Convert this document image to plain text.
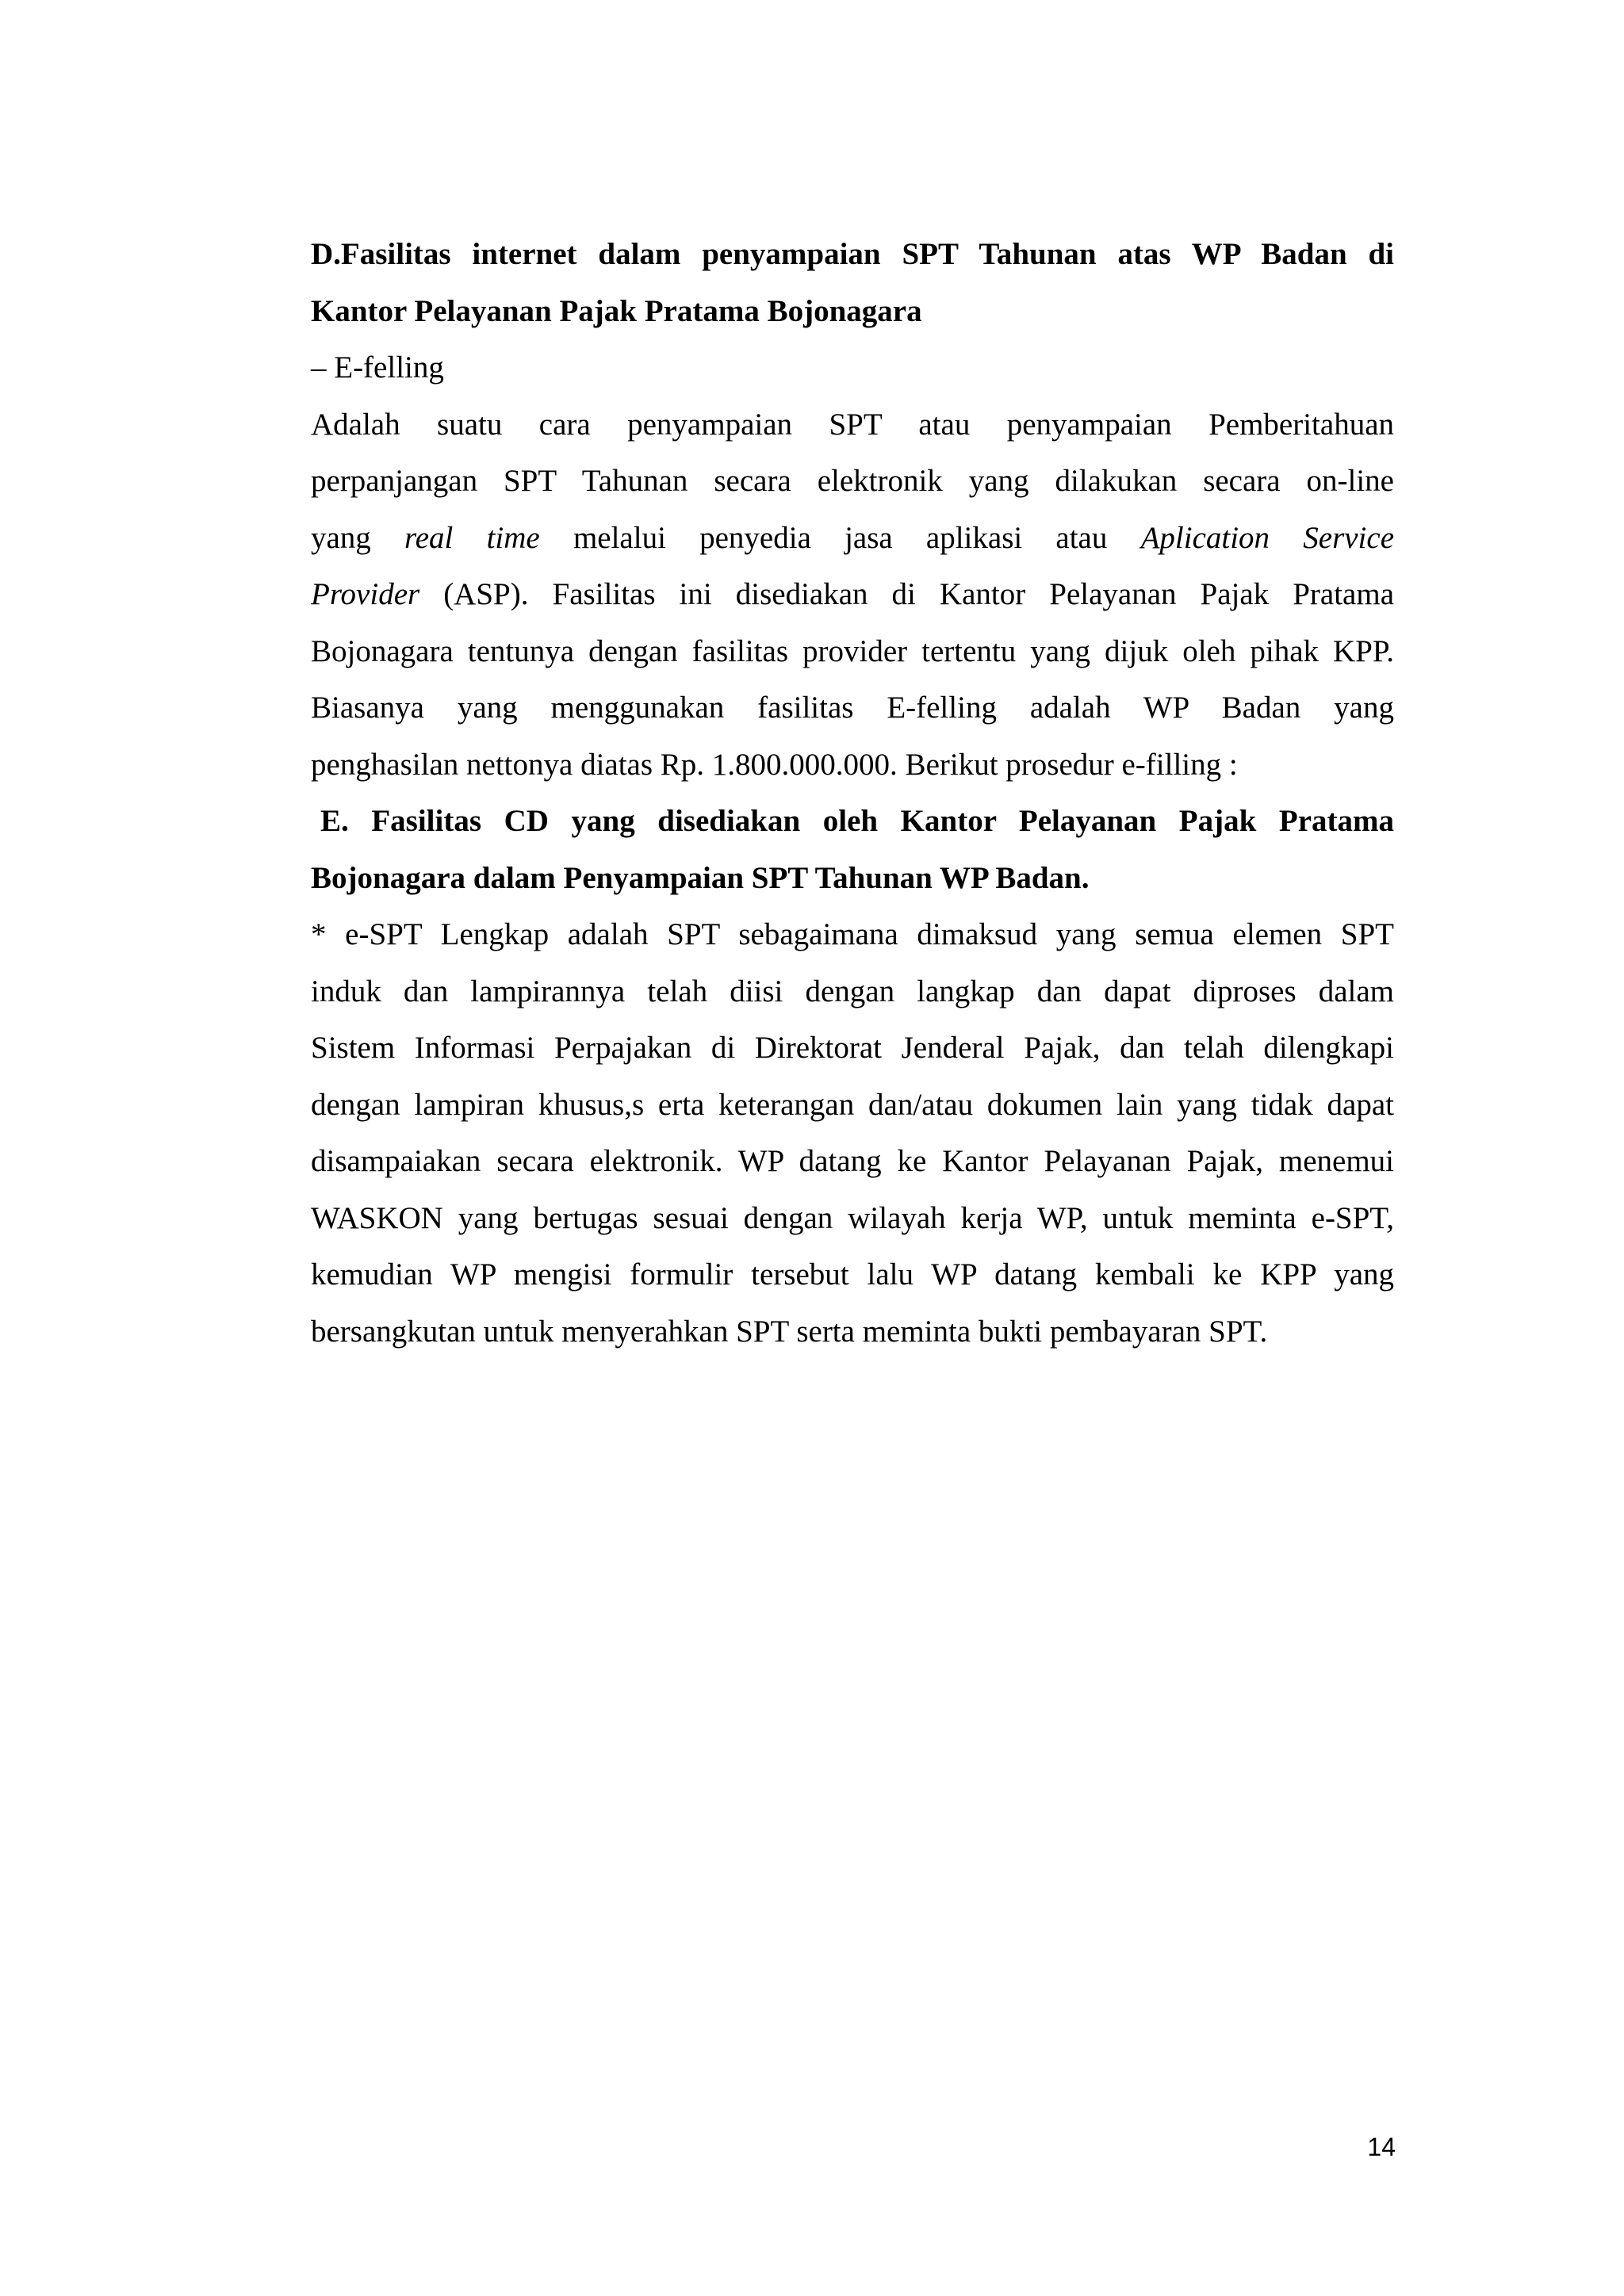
D.Fasilitas internet dalam penyampaian SPT Tahunan atas WP Badan di
Kantor Pelayanan Pajak Pratama Bojonagara

– E-felling

Adalah suatu cara penyampaian SPT atau penyampaian Pemberitahuan
perpanjangan SPT Tahunan secara elektronik yang dilakukan secara on-line
yang real time melalui penyedia jasa aplikasi atau Aplication Service
Provider (ASP). Fasilitas ini disediakan di Kantor Pelayanan Pajak Pratama
Bojonagara tentunya dengan fasilitas provider tertentu yang dijuk oleh pihak KPP.
Biasanya yang menggunakan fasilitas E-felling adalah WP Badan yang
penghasilan nettonya diatas Rp. 1.800.000.000. Berikut prosedur e-filling :

E. Fasilitas CD yang disediakan oleh Kantor Pelayanan Pajak Pratama

Bojonagara dalam Penyampaian SPT Tahunan WP Badan.

* e-SPT Lengkap adalah SPT sebagaimana dimaksud yang semua elemen SPT
induk dan lampirannya telah diisi dengan langkap dan dapat diproses dalam
Sistem Informasi Perpajakan di Direktorat Jenderal Pajak, dan telah dilengkapi
dengan lampiran khusus,s erta keterangan dan/atau dokumen lain yang tidak dapat
disampaiakan secara elektronik. WP datang ke Kantor Pelayanan Pajak, menemui
WASKON yang bertugas sesuai dengan wilayah kerja WP, untuk meminta e-SPT,
kemudian WP mengisi formulir tersebut lalu WP datang kembali ke KPP yang
bersangkutan untuk menyerahkan SPT serta meminta bukti pembayaran SPT.

14
